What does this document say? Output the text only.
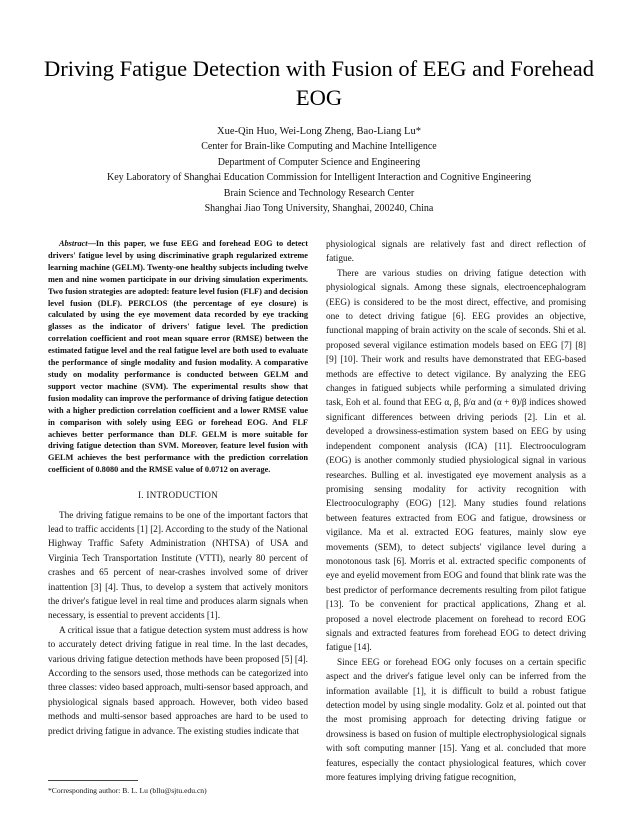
Driving Fatigue Detection with Fusion of EEG and Forehead EOG
Xue-Qin Huo, Wei-Long Zheng, Bao-Liang Lu*
Center for Brain-like Computing and Machine Intelligence
Department of Computer Science and Engineering
Key Laboratory of Shanghai Education Commission for Intelligent Interaction and Cognitive Engineering
Brain Science and Technology Research Center
Shanghai Jiao Tong University, Shanghai, 200240, China

Abstract—In this paper, we fuse EEG and forehead EOG to detect drivers' fatigue level by using discriminative graph regularized extreme learning machine (GELM). Twenty-one healthy subjects including twelve men and nine women participate in our driving simulation experiments. Two fusion strategies are adopted: feature level fusion (FLF) and decision level fusion (DLF). PERCLOS (the percentage of eye closure) is calculated by using the eye movement data recorded by eye tracking glasses as the indicator of drivers' fatigue level. The prediction correlation coefficient and root mean square error (RMSE) between the estimated fatigue level and the real fatigue level are both used to evaluate the performance of single modality and fusion modality. A comparative study on modality performance is conducted between GELM and support vector machine (SVM). The experimental results show that fusion modality can improve the performance of driving fatigue detection with a higher prediction correlation coefficient and a lower RMSE value in comparison with solely using EEG or forehead EOG. And FLF achieves better performance than DLF. GELM is more suitable for driving fatigue detection than SVM. Moreover, feature level fusion with GELM achieves the best performance with the prediction correlation coefficient of 0.8080 and the RMSE value of 0.0712 on average.

I. INTRODUCTION

The driving fatigue remains to be one of the important factors that lead to traffic accidents [1] [2]. According to the study of the National Highway Traffic Safety Administration (NHTSA) of USA and Virginia Tech Transportation Institute (VTTI), nearly 80 percent of crashes and 65 percent of near-crashes involved some of driver inattention [3] [4]. Thus, to develop a system that actively monitors the driver's fatigue level in real time and produces alarm signals when necessary, is essential to prevent accidents [1].

A critical issue that a fatigue detection system must address is how to accurately detect driving fatigue in real time. In the last decades, various driving fatigue detection methods have been proposed [5] [4]. According to the sensors used, those methods can be categorized into three classes: video based approach, multi-sensor based approach, and physiological signals based approach. However, both video based methods and multi-sensor based approaches are hard to be used to predict driving fatigue in advance. The existing studies indicate that

physiological signals are relatively fast and direct reflection of fatigue.

There are various studies on driving fatigue detection with physiological signals. Among these signals, electroencephalogram (EEG) is considered to be the most direct, effective, and promising one to detect driving fatigue [6]. EEG provides an objective, functional mapping of brain activity on the scale of seconds. Shi et al. proposed several vigilance estimation models based on EEG [7] [8] [9] [10]. Their work and results have demonstrated that EEG-based methods are effective to detect vigilance. By analyzing the EEG changes in fatigued subjects while performing a simulated driving task, Eoh et al. found that EEG α, β, β/α and (α + θ)/β indices showed significant differences between driving periods [2]. Lin et al. developed a drowsiness-estimation system based on EEG by using independent component analysis (ICA) [11]. Electrooculogram (EOG) is another commonly studied physiological signal in various researches. Bulling et al. investigated eye movement analysis as a promising sensing modality for activity recognition with Electrooculography (EOG) [12]. Many studies found relations between features extracted from EOG and fatigue, drowsiness or vigilance. Ma et al. extracted EOG features, mainly slow eye movements (SEM), to detect subjects' vigilance level during a monotonous task [6]. Morris et al. extracted specific components of eye and eyelid movement from EOG and found that blink rate was the best predictor of performance decrements resulting from pilot fatigue [13]. To be convenient for practical applications, Zhang et al. proposed a novel electrode placement on forehead to record EOG signals and extracted features from forehead EOG to detect driving fatigue [14].

Since EEG or forehead EOG only focuses on a certain specific aspect and the driver's fatigue level only can be inferred from the information available [1], it is difficult to build a robust fatigue detection model by using single modality. Golz et al. pointed out that the most promising approach for detecting driving fatigue or drowsiness is based on fusion of multiple electrophysiological signals with soft computing manner [15]. Yang et al. concluded that more features, especially the contact physiological features, which cover more features implying driving fatigue recognition,

*Corresponding author: B. L. Lu (bllu@sjtu.edu.cn)
